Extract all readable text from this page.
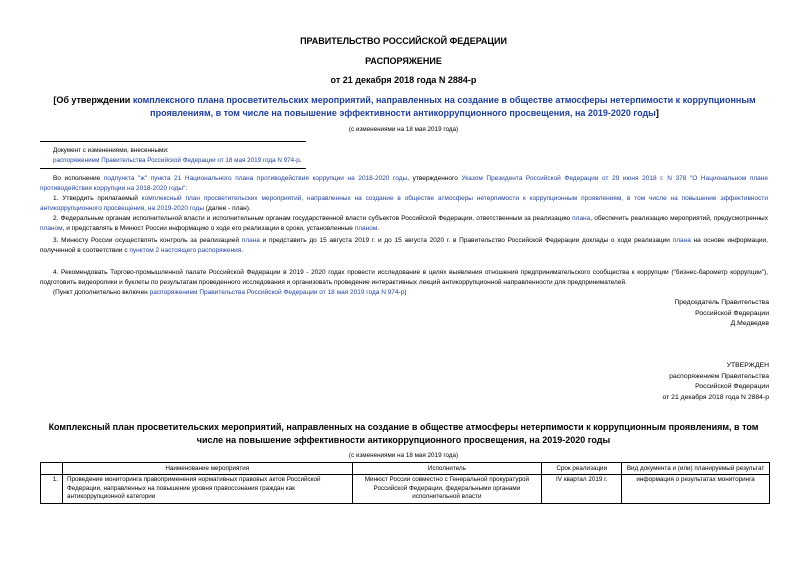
ПРАВИТЕЛЬСТВО РОССИЙСКОЙ ФЕДЕРАЦИИ
РАСПОРЯЖЕНИЕ
от 21 декабря 2018 года N 2884-р
[Об утверждении комплексного плана просветительских мероприятий, направленных на создание в обществе атмосферы нетерпимости к коррупционным проявлениям, в том числе на повышение эффективности антикоррупционного просвещения, на 2019-2020 годы]
(с изменениями на 18 мая 2019 года)
Документ с изменениями, внесенными:
распоряжением Правительства Российской Федерации от 18 мая 2019 года N 974-р.
Во исполнение подпункта "ж" пункта 21 Национального плана противодействия коррупции на 2018-2020 годы, утвержденного Указом Президента Российской Федерации от 29 июня 2018 г. N 378 "О Национальном плане противодействия коррупции на 2018-2020 годы":
1. Утвердить прилагаемый комплексный план просветительских мероприятий, направленных на создание в обществе атмосферы нетерпимости к коррупционным проявлениям, в том числе на повышение эффективности антикоррупционного просвещения, на 2019-2020 годы (далее - план).
2. Федеральным органам исполнительной власти и исполнительным органам государственной власти субъектов Российской Федерации, ответственным за реализацию плана, обеспечить реализацию мероприятий, предусмотренных планом, и представлять в Минюст России информацию о ходе его реализации в сроки, установленные планом.
3. Минюсту России осуществлять контроль за реализацией плана и представить до 15 августа 2019 г. и до 15 августа 2020 г. в Правительство Российской Федерации доклады о ходе реализации плана на основе информации, полученной в соответствии с пунктом 2 настоящего распоряжения.
4. Рекомендовать Торгово-промышленной палате Российской Федерации в 2019 - 2020 годах провести исследование в целях выявления отношения предпринимательского сообщества к коррупции ("бизнес-барометр коррупции"), подготовить видеоролики и буклеты по результатам проведенного исследования и организовать проведение интерактивных лекций антикоррупционной направленности для предпринимателей.
(Пункт дополнительно включен распоряжением Правительства Российской Федерации от 18 мая 2019 года N 974-р)
Председатель Правительства
Российской Федерации
Д.Медведев
УТВЕРЖДЕН
распоряжением Правительства
Российской Федерации
от 21 декабря 2018 года N 2884-р
Комплексный план просветительских мероприятий, направленных на создание в обществе атмосферы нетерпимости к коррупционным проявлениям, в том числе на повышение эффективности антикоррупционного просвещения, на 2019-2020 годы
(с изменениями на 18 мая 2019 года)
	Наименование мероприятия	Исполнитель	Срок реализации	Вид документа и (или) планируемый результат
1.	Проведение мониторинга правоприменения нормативных правовых актов Российской Федерации, направленных на повышение уровня правосознания граждан как антикоррупционной категории	Минюст России совместно с Генеральной прокуратурой Российской Федерации, федеральными органами исполнительной власти	IV квартал 2019 г.	информация о результатах мониторинга
